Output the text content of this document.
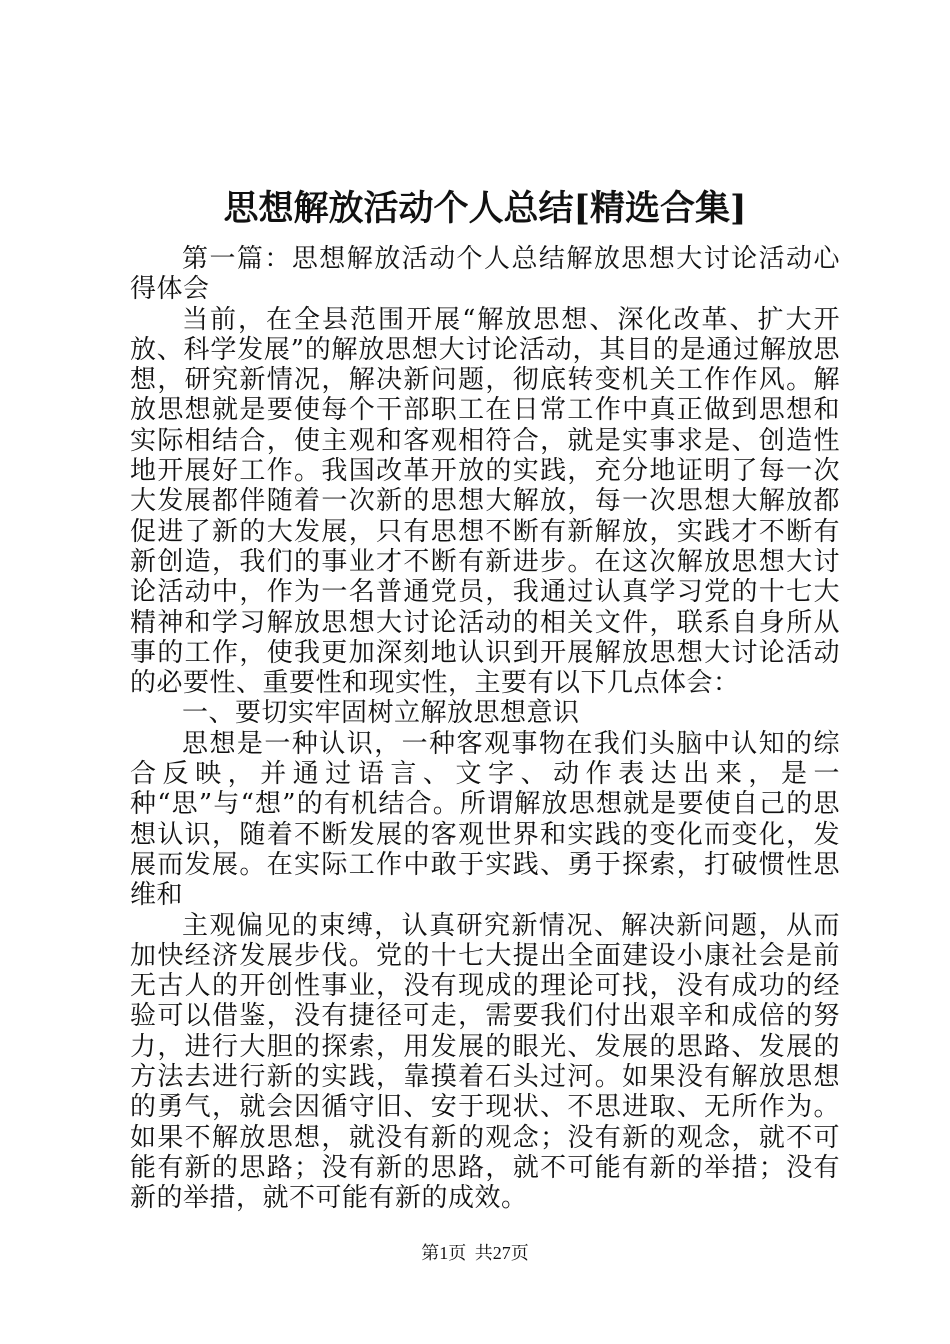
思想解放活动个人总结[精选合集]

第一篇：思想解放活动个人总结解放思想大讨论活动心得体会

当前，在全县范围开展“解放思想、深化改革、扩大开放、科学发展”的解放思想大讨论活动，其目的是通过解放思想，研究新情况，解决新问题，彻底转变机关工作作风。解放思想就是要使每个干部职工在日常工作中真正做到思想和实际相结合，使主观和客观相符合，就是实事求是、创造性地开展好工作。我国改革开放的实践，充分地证明了每一次大发展都伴随着一次新的思想大解放，每一次思想大解放都促进了新的大发展，只有思想不断有新解放，实践才不断有新创造，我们的事业才不断有新进步。在这次解放思想大讨论活动中，作为一名普通党员，我通过认真学习党的十七大精神和学习解放思想大讨论活动的相关文件，联系自身所从事的工作，使我更加深刻地认识到开展解放思想大讨论活动的必要性、重要性和现实性，主要有以下几点体会：

一、要切实牢固树立解放思想意识

思想是一种认识，一种客观事物在我们头脑中认知的综合反映，并通过语言、文字、动作表达出来，是一种“思”与“想”的有机结合。所谓解放思想就是要使自己的思想认识，随着不断发展的客观世界和实践的变化而变化，发展而发展。在实际工作中敢于实践、勇于探索，打破惯性思维和

主观偏见的束缚，认真研究新情况、解决新问题，从而加快经济发展步伐。党的十七大提出全面建设小康社会是前无古人的开创性事业，没有现成的理论可找，没有成功的经验可以借鉴，没有捷径可走，需要我们付出艰辛和成倍的努力，进行大胆的探索，用发展的眼光、发展的思路、发展的方法去进行新的实践，靠摸着石头过河。如果没有解放思想的勇气，就会因循守旧、安于现状、不思进取、无所作为。如果不解放思想，就没有新的观念；没有新的观念，就不可能有新的思路；没有新的思路，就不可能有新的举措；没有新的举措，就不可能有新的成效。

第1页 共27页
